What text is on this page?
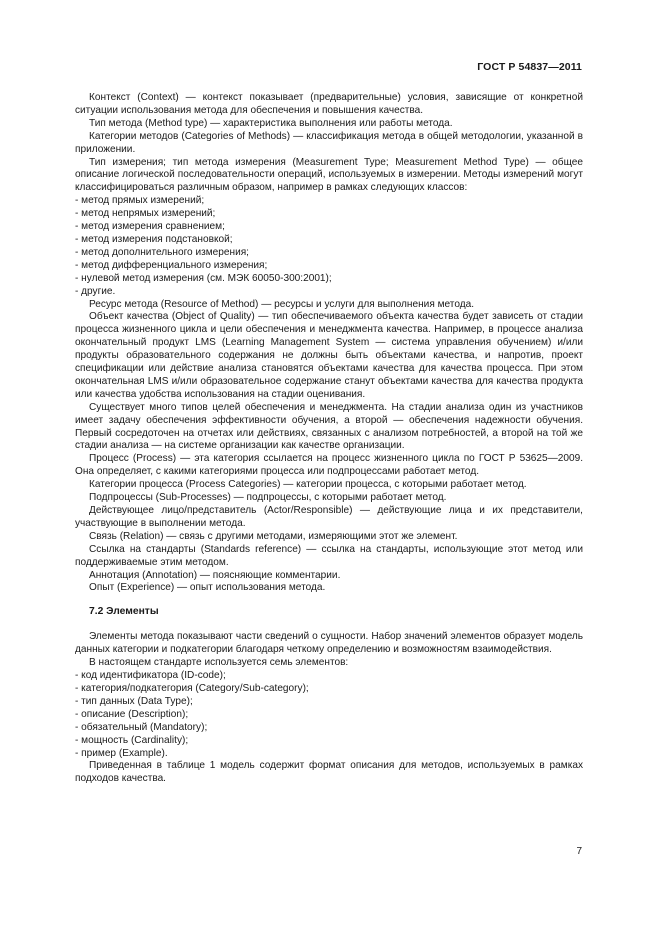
ГОСТ Р 54837—2011

Контекст (Context) — контекст показывает (предварительные) условия, зависящие от конкретной ситуации использования метода для обеспечения и повышения качества.

Тип метода (Method type) — характеристика выполнения или работы метода.

Категории методов (Categories of Methods) — классификация метода в общей методологии, указанной в приложении.

Тип измерения; тип метода измерения (Measurement Type; Measurement Method Type) — общее описание логической последовательности операций, используемых в измерении. Методы измерений могут классифицироваться различным образом, например в рамках следующих классов:

- метод прямых измерений;

- метод непрямых измерений;

- метод измерения сравнением;

- метод измерения подстановкой;

- метод дополнительного измерения;

- метод дифференциального измерения;

- нулевой метод измерения (см. МЭК 60050-300:2001);

- другие.

Ресурс метода (Resource of Method) — ресурсы и услуги для выполнения метода.

Объект качества (Object of Quality) — тип обеспечиваемого объекта качества будет зависеть от стадии процесса жизненного цикла и цели обеспечения и менеджмента качества. Например, в процессе анализа окончательный продукт LMS (Learning Management System — система управления обучением) и/или продукты образовательного содержания не должны быть объектами качества, и напротив, проект спецификации или действие анализа становятся объектами качества для качества процесса. При этом окончательная LMS и/или образовательное содержание станут объектами качества для качества продукта или качества удобства использования на стадии оценивания.

Существует много типов целей обеспечения и менеджмента. На стадии анализа один из участников имеет задачу обеспечения эффективности обучения, а второй — обеспечения надежности обучения. Первый сосредоточен на отчетах или действиях, связанных с анализом потребностей, а второй на той же стадии анализа — на системе организации как качестве организации.

Процесс (Process) — эта категория ссылается на процесс жизненного цикла по ГОСТ Р 53625—2009. Она определяет, с какими категориями процесса или подпроцессами работает метод.

Категории процесса (Process Categories) — категории процесса, с которыми работает метод.

Подпроцессы (Sub-Processes) — подпроцессы, с которыми работает метод.

Действующее лицо/представитель (Actor/Responsible) — действующие лица и их представители, участвующие в выполнении метода.

Связь (Relation) — связь с другими методами, измеряющими этот же элемент.

Ссылка на стандарты (Standards reference) — ссылка на стандарты, использующие этот метод или поддерживаемые этим методом.

Аннотация (Annotation) — поясняющие комментарии.

Опыт (Experience) — опыт использования метода.

7.2 Элементы

Элементы метода показывают части сведений о сущности. Набор значений элементов образует модель данных категории и подкатегории благодаря четкому определению и возможностям взаимодействия.

В настоящем стандарте используется семь элементов:

- код идентификатора (ID-code);

- категория/подкатегория (Category/Sub-category);

- тип данных (Data Type);

- описание (Description);

- обязательный (Mandatory);

- мощность (Cardinality);

- пример (Example).

Приведенная в таблице 1 модель содержит формат описания для методов, используемых в рамках подходов качества.

7
